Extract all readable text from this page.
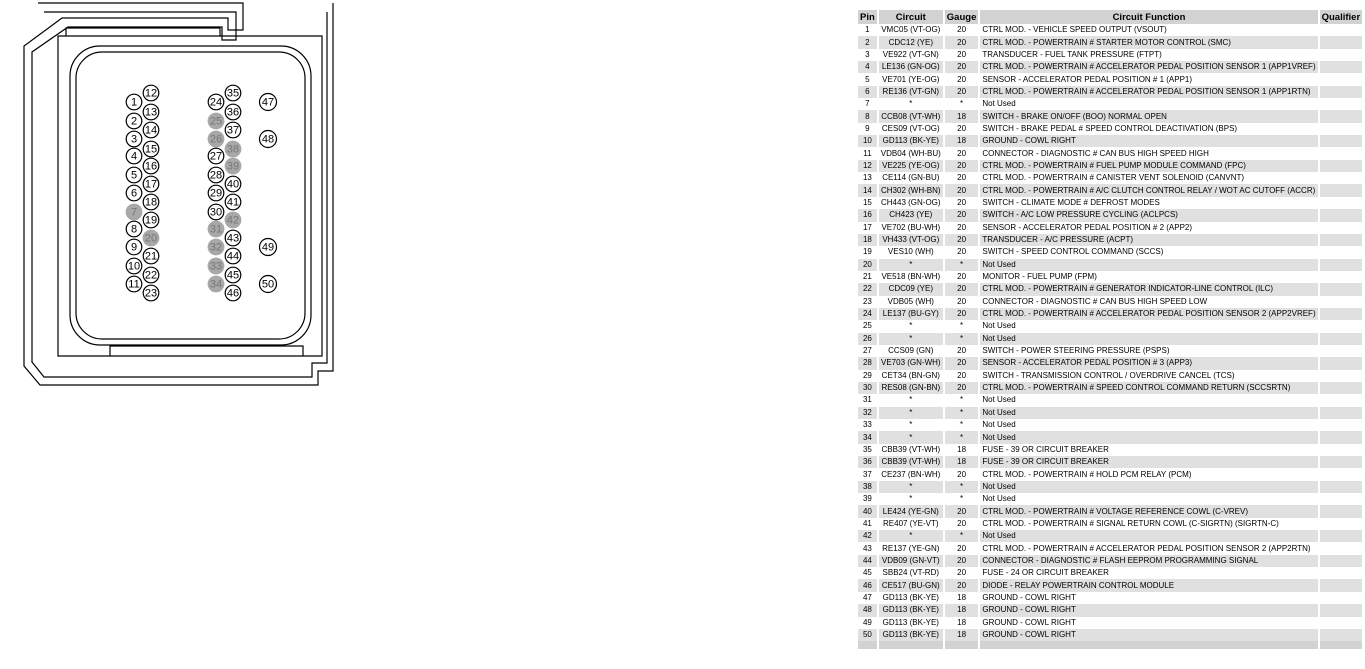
1
2
3
4
5
6
7
8
9
10
11
12
13
14
15
16
17
18
19
20
21
22
23
24
25
26
27
28
29
30
31
32
33
34
35
36
37
38
39
40
41
42
43
44
45
46
47
48
49
50
Pin	Circuit	Gauge	Circuit Function	Qualifier
1	VMC05 (VT-OG)	20	CTRL MOD. - VEHICLE SPEED OUTPUT (VSOUT)	
2	CDC12 (YE)	20	CTRL MOD. - POWERTRAIN # STARTER MOTOR CONTROL (SMC)	
3	VE922 (VT-GN)	20	TRANSDUCER - FUEL TANK PRESSURE (FTPT)	
4	LE136 (GN-OG)	20	CTRL MOD. - POWERTRAIN # ACCELERATOR PEDAL POSITION SENSOR 1 (APP1VREF)	
5	VE701 (YE-OG)	20	SENSOR - ACCELERATOR PEDAL POSITION # 1 (APP1)	
6	RE136 (VT-GN)	20	CTRL MOD. - POWERTRAIN # ACCELERATOR PEDAL POSITION SENSOR 1 (APP1RTN)	
7	*	*	Not Used	
8	CCB08 (VT-WH)	18	SWITCH - BRAKE ON/OFF (BOO) NORMAL OPEN	
9	CES09 (VT-OG)	20	SWITCH - BRAKE PEDAL # SPEED CONTROL DEACTIVATION (BPS)	
10	GD113 (BK-YE)	18	GROUND - COWL RIGHT	
11	VDB04 (WH-BU)	20	CONNECTOR - DIAGNOSTIC # CAN BUS HIGH SPEED HIGH	
12	VE225 (YE-OG)	20	CTRL MOD. - POWERTRAIN # FUEL PUMP MODULE COMMAND (FPC)	
13	CE114 (GN-BU)	20	CTRL MOD. - POWERTRAIN # CANISTER VENT SOLENOID (CANVNT)	
14	CH302 (WH-BN)	20	CTRL MOD. - POWERTRAIN # A/C CLUTCH CONTROL RELAY / WOT AC CUTOFF (ACCR)	
15	CH443 (GN-OG)	20	SWITCH - CLIMATE MODE # DEFROST MODES	
16	CH423 (YE)	20	SWITCH - A/C LOW PRESSURE CYCLING (ACLPCS)	
17	VE702 (BU-WH)	20	SENSOR - ACCELERATOR PEDAL POSITION # 2 (APP2)	
18	VH433 (VT-OG)	20	TRANSDUCER - A/C PRESSURE (ACPT)	
19	VES10 (WH)	20	SWITCH - SPEED CONTROL COMMAND (SCCS)	
20	*	*	Not Used	
21	VE518 (BN-WH)	20	MONITOR - FUEL PUMP (FPM)	
22	CDC09 (YE)	20	CTRL MOD. - POWERTRAIN # GENERATOR INDICATOR-LINE CONTROL (ILC)	
23	VDB05 (WH)	20	CONNECTOR - DIAGNOSTIC # CAN BUS HIGH SPEED LOW	
24	LE137 (BU-GY)	20	CTRL MOD. - POWERTRAIN # ACCELERATOR PEDAL POSITION SENSOR 2 (APP2VREF)	
25	*	*	Not Used	
26	*	*	Not Used	
27	CCS09 (GN)	20	SWITCH - POWER STEERING PRESSURE (PSPS)	
28	VE703 (GN-WH)	20	SENSOR - ACCELERATOR PEDAL POSITION # 3 (APP3)	
29	CET34 (BN-GN)	20	SWITCH - TRANSMISSION CONTROL / OVERDRIVE CANCEL (TCS)	
30	RES08 (GN-BN)	20	CTRL MOD. - POWERTRAIN # SPEED CONTROL COMMAND RETURN (SCCSRTN)	
31	*	*	Not Used	
32	*	*	Not Used	
33	*	*	Not Used	
34	*	*	Not Used	
35	CBB39 (VT-WH)	18	FUSE - 39 OR CIRCUIT BREAKER	
36	CBB39 (VT-WH)	18	FUSE - 39 OR CIRCUIT BREAKER	
37	CE237 (BN-WH)	20	CTRL MOD. - POWERTRAIN # HOLD PCM RELAY (PCM)	
38	*	*	Not Used	
39	*	*	Not Used	
40	LE424 (YE-GN)	20	CTRL MOD. - POWERTRAIN # VOLTAGE REFERENCE COWL (C-VREV)	
41	RE407 (YE-VT)	20	CTRL MOD. - POWERTRAIN # SIGNAL RETURN COWL (C-SIGRTN) (SIGRTN-C)	
42	*	*	Not Used	
43	RE137 (YE-GN)	20	CTRL MOD. - POWERTRAIN # ACCELERATOR PEDAL POSITION SENSOR 2 (APP2RTN)	
44	VDB09 (GN-VT)	20	CONNECTOR - DIAGNOSTIC # FLASH EEPROM PROGRAMMING SIGNAL	
45	SBB24 (VT-RD)	20	FUSE - 24 OR CIRCUIT BREAKER	
46	CE517 (BU-GN)	20	DIODE - RELAY POWERTRAIN CONTROL MODULE	
47	GD113 (BK-YE)	18	GROUND - COWL RIGHT	
48	GD113 (BK-YE)	18	GROUND - COWL RIGHT	
49	GD113 (BK-YE)	18	GROUND - COWL RIGHT	
50	GD113 (BK-YE)	18	GROUND - COWL RIGHT	
